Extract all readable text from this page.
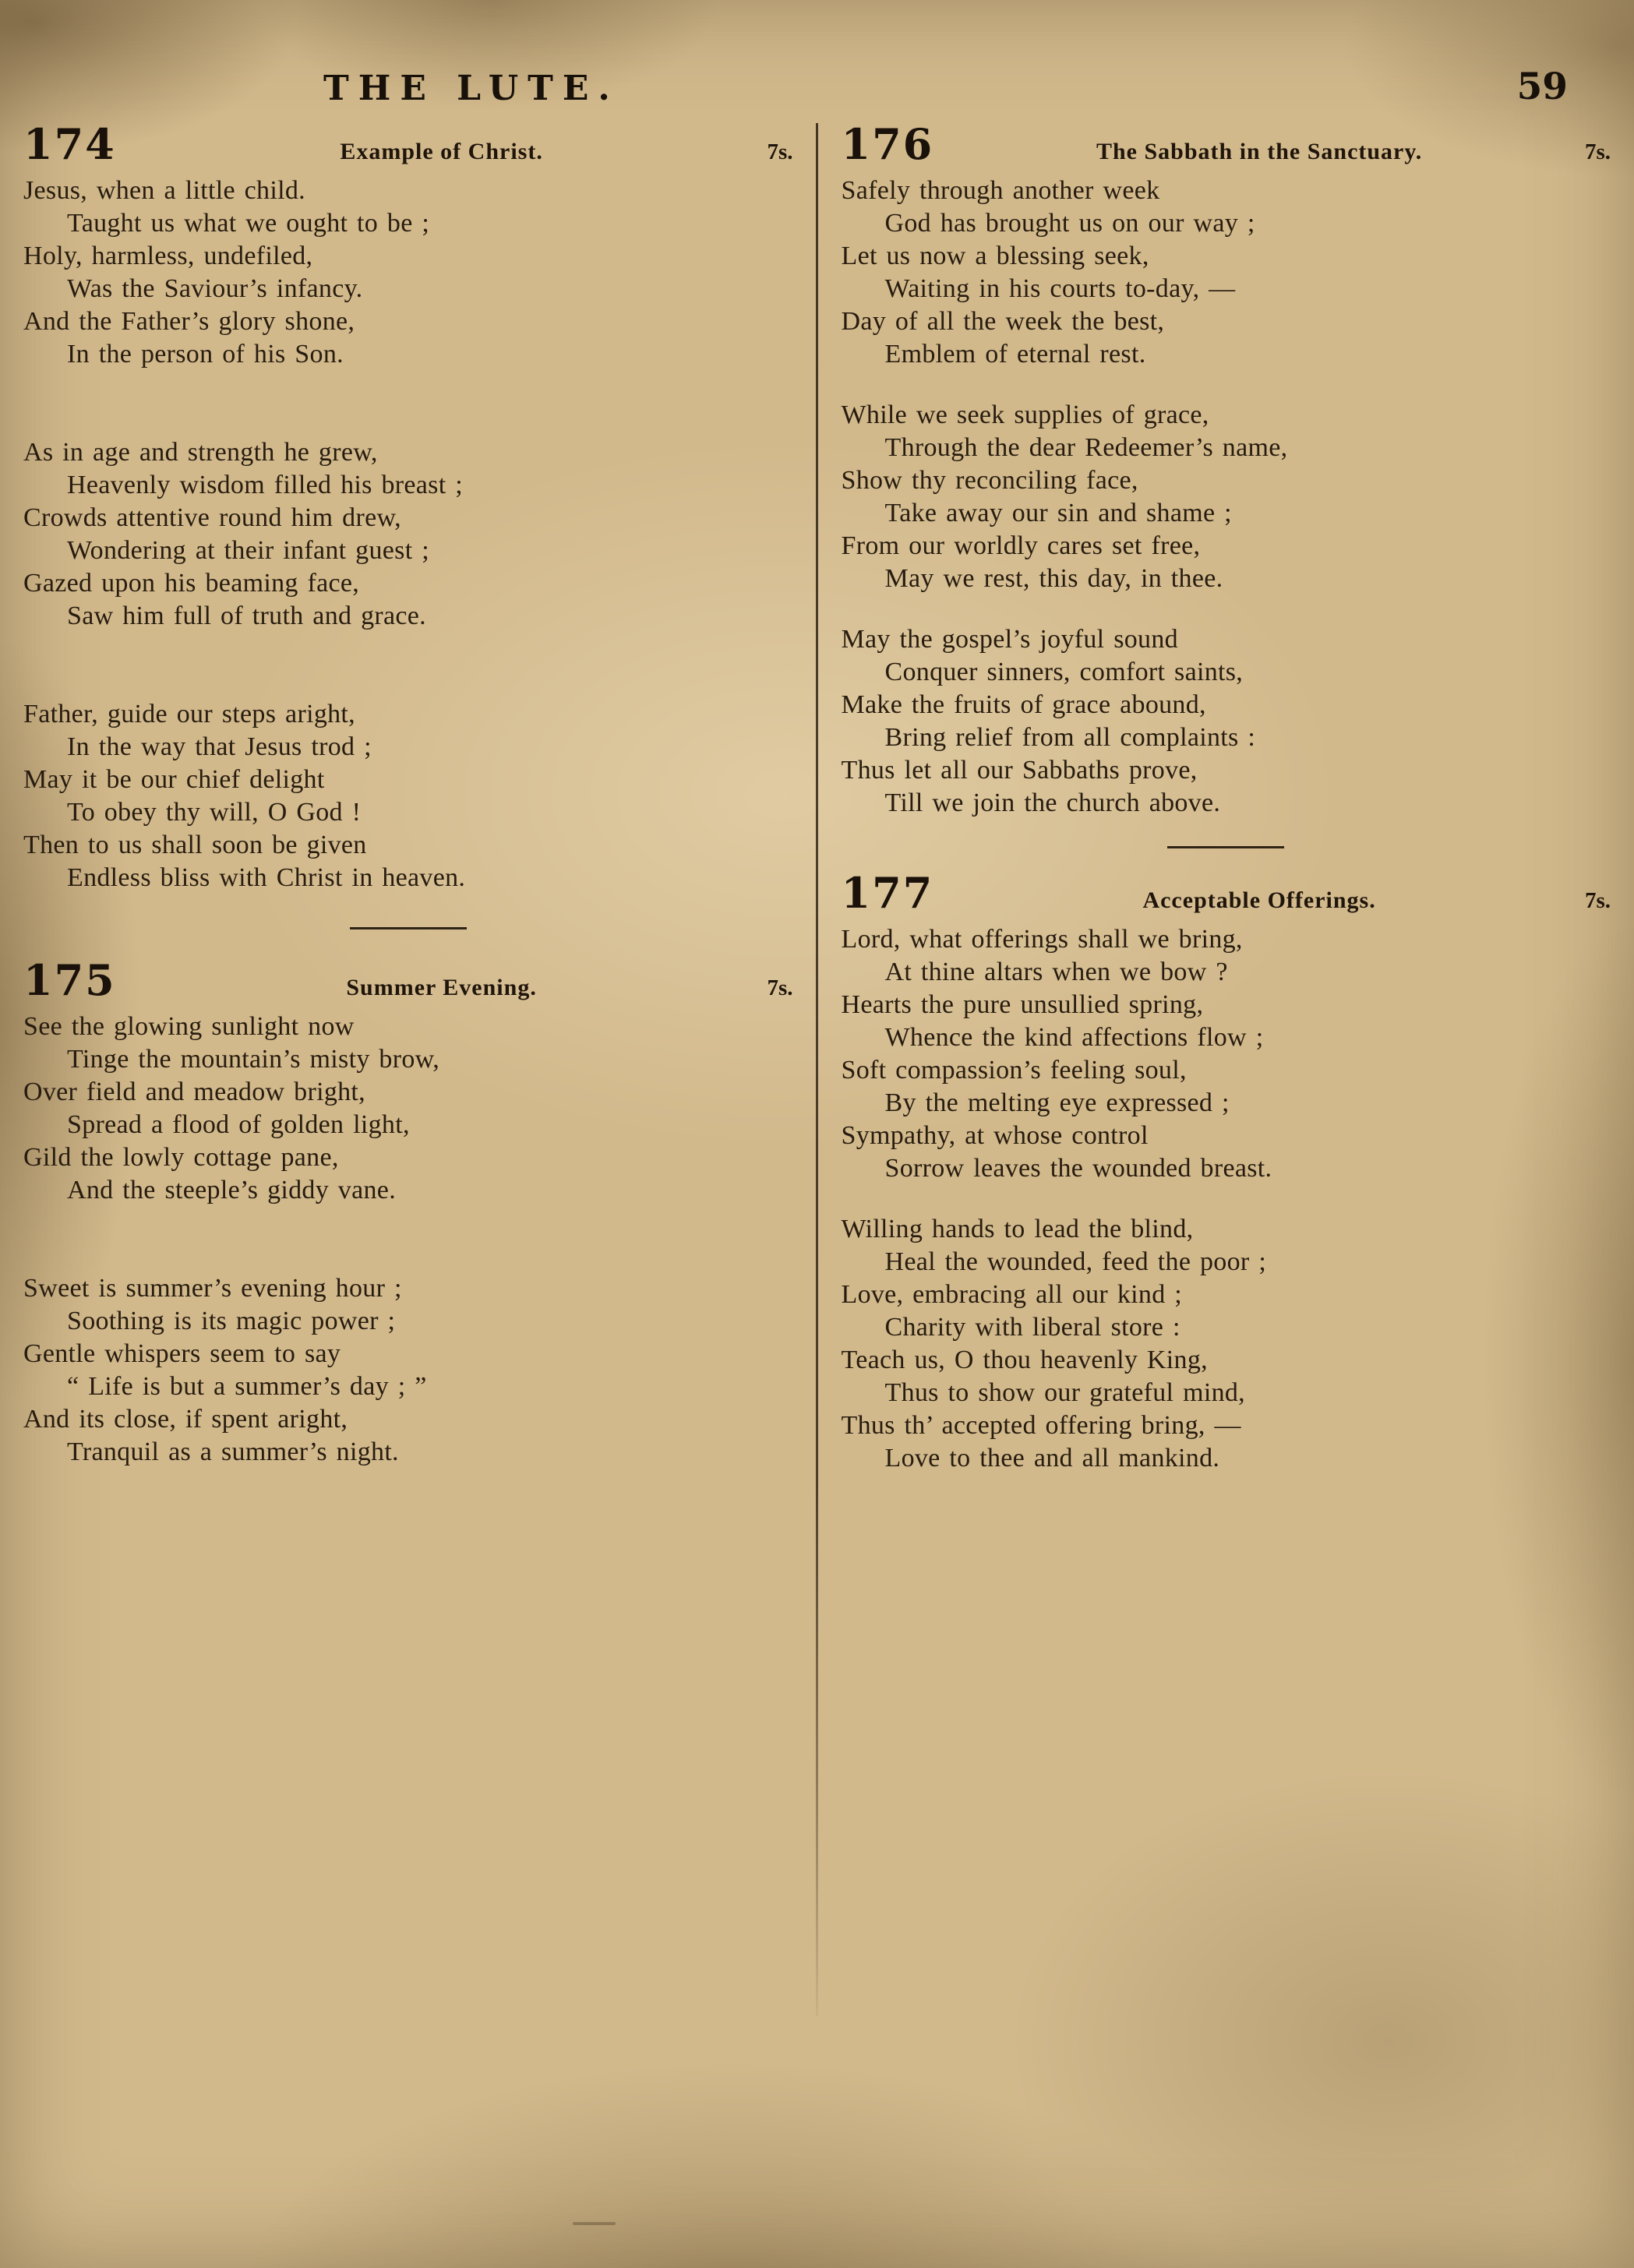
THE LUTE.	59
174	Example of Christ.	7s.

Jesus, when a little child.

Taught us what we ought to be ;

Holy, harmless, undefiled,

Was the Saviour’s infancy.

And the Father’s glory shone,

In the person of his Son.

As in age and strength he grew,

Heavenly wisdom filled his breast ;

Crowds attentive round him drew,

Wondering at their infant guest ;

Gazed upon his beaming face,

Saw him full of truth and grace.

Father, guide our steps aright,

In the way that Jesus trod ;

May it be our chief delight

To obey thy will, O God !

Then to us shall soon be given

Endless bliss with Christ in heaven.

175	Summer Evening.	7s.

See the glowing sunlight now

Tinge the mountain’s misty brow,

Over field and meadow bright,

Spread a flood of golden light,

Gild the lowly cottage pane,

And the steeple’s giddy vane.

Sweet is summer’s evening hour ;

Soothing is its magic power ;

Gentle whispers seem to say

“ Life is but a summer’s day ; ”

And its close, if spent aright,

Tranquil as a summer’s night.

176	The Sabbath in the Sanctuary.	7s.

Safely through another week

God has brought us on our way ;

Let us now a blessing seek,

Waiting in his courts to-day, —

Day of all the week the best,

Emblem of eternal rest.

While we seek supplies of grace,

Through the dear Redeemer’s name,

Show thy reconciling face,

Take away our sin and shame ;

From our worldly cares set free,

May we rest, this day, in thee.

May the gospel’s joyful sound

Conquer sinners, comfort saints,

Make the fruits of grace abound,

Bring relief from all complaints :

Thus let all our Sabbaths prove,

Till we join the church above.

177	Acceptable Offerings.	7s.

Lord, what offerings shall we bring,

At thine altars when we bow ?

Hearts the pure unsullied spring,

Whence the kind affections flow ;

Soft compassion’s feeling soul,

By the melting eye expressed ;

Sympathy, at whose control

Sorrow leaves the wounded breast.

Willing hands to lead the blind,

Heal the wounded, feed the poor ;

Love, embracing all our kind ;

Charity with liberal store :

Teach us, O thou heavenly King,

Thus to show our grateful mind,

Thus th’ accepted offering bring, —

Love to thee and all mankind.
